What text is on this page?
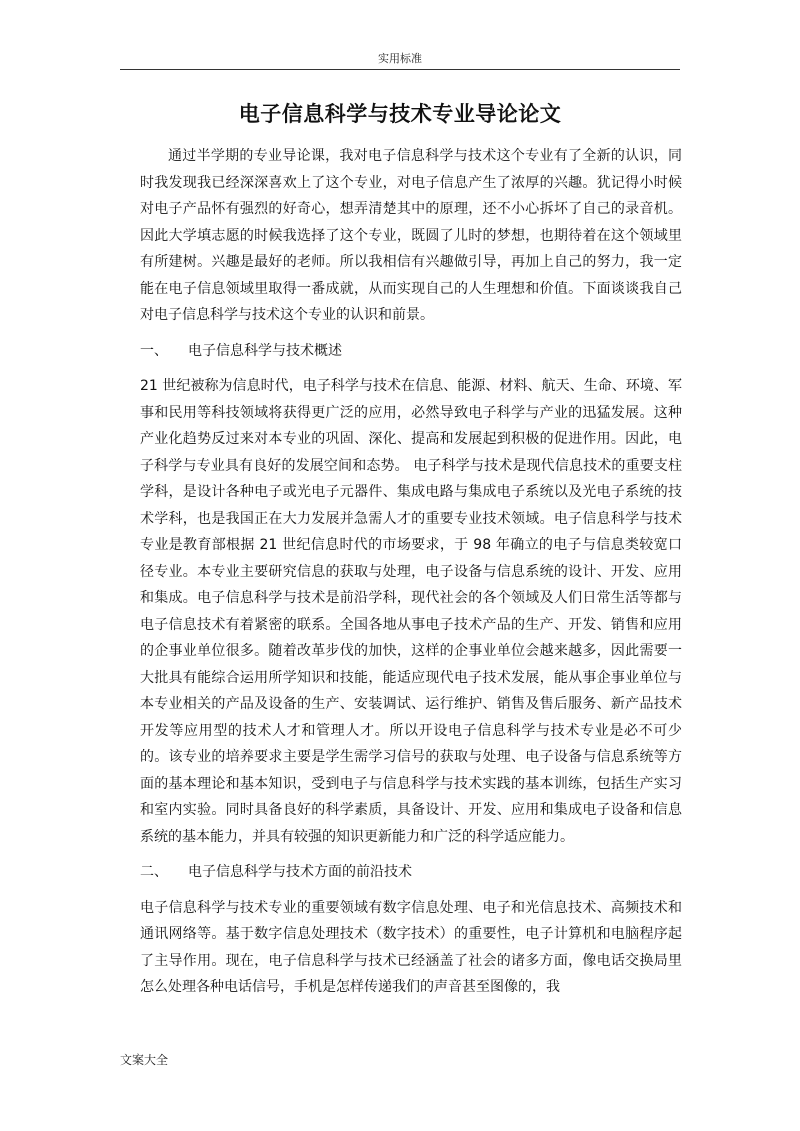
实用标准
电子信息科学与技术专业导论论文

通过半学期的专业导论课，我对电子信息科学与技术这个专业有了全新的认识，同时我发现我已经深深喜欢上了这个专业，对电子信息产生了浓厚的兴趣。犹记得小时候对电子产品怀有强烈的好奇心，想弄清楚其中的原理，还不小心拆坏了自己的录音机。因此大学填志愿的时候我选择了这个专业，既圆了儿时的梦想，也期待着在这个领域里有所建树。兴趣是最好的老师。所以我相信有兴趣做引导，再加上自己的努力，我一定能在电子信息领域里取得一番成就，从而实现自己的人生理想和价值。下面谈谈我自己对电子信息科学与技术这个专业的认识和前景。

一、	电子信息科学与技术概述

21 世纪被称为信息时代，电子科学与技术在信息、能源、材料、航天、生命、环境、军事和民用等科技领域将获得更广泛的应用，必然导致电子科学与产业的迅猛发展。这种产业化趋势反过来对本专业的巩固、深化、提高和发展起到积极的促进作用。因此，电子科学与专业具有良好的发展空间和态势。 电子科学与技术是现代信息技术的重要支柱学科，是设计各种电子或光电子元器件、集成电路与集成电子系统以及光电子系统的技术学科，也是我国正在大力发展并急需人才的重要专业技术领域。电子信息科学与技术专业是教育部根据 21 世纪信息时代的市场要求，于 98 年确立的电子与信息类较宽口径专业。本专业主要研究信息的获取与处理，电子设备与信息系统的设计、开发、应用和集成。电子信息科学与技术是前沿学科，现代社会的各个领域及人们日常生活等都与电子信息技术有着紧密的联系。全国各地从事电子技术产品的生产、开发、销售和应用的企事业单位很多。随着改革步伐的加快，这样的企事业单位会越来越多，因此需要一大批具有能综合运用所学知识和技能，能适应现代电子技术发展，能从事企事业单位与本专业相关的产品及设备的生产、安装调试、运行维护、销售及售后服务、新产品技术开发等应用型的技术人才和管理人才。所以开设电子信息科学与技术专业是必不可少的。该专业的培养要求主要是学生需学习信号的获取与处理、电子设备与信息系统等方面的基本理论和基本知识，受到电子与信息科学与技术实践的基本训练，包括生产实习和室内实验。同时具备良好的科学素质，具备设计、开发、应用和集成电子设备和信息系统的基本能力，并具有较强的知识更新能力和广泛的科学适应能力。

二、	电子信息科学与技术方面的前沿技术

电子信息科学与技术专业的重要领域有数字信息处理、电子和光信息技术、高频技术和通讯网络等。基于数字信息处理技术（数字技术）的重要性，电子计算机和电脑程序起了主导作用。现在，电子信息科学与技术已经涵盖了社会的诸多方面，像电话交换局里怎么处理各种电话信号，手机是怎样传递我们的声音甚至图像的，我

文案大全
